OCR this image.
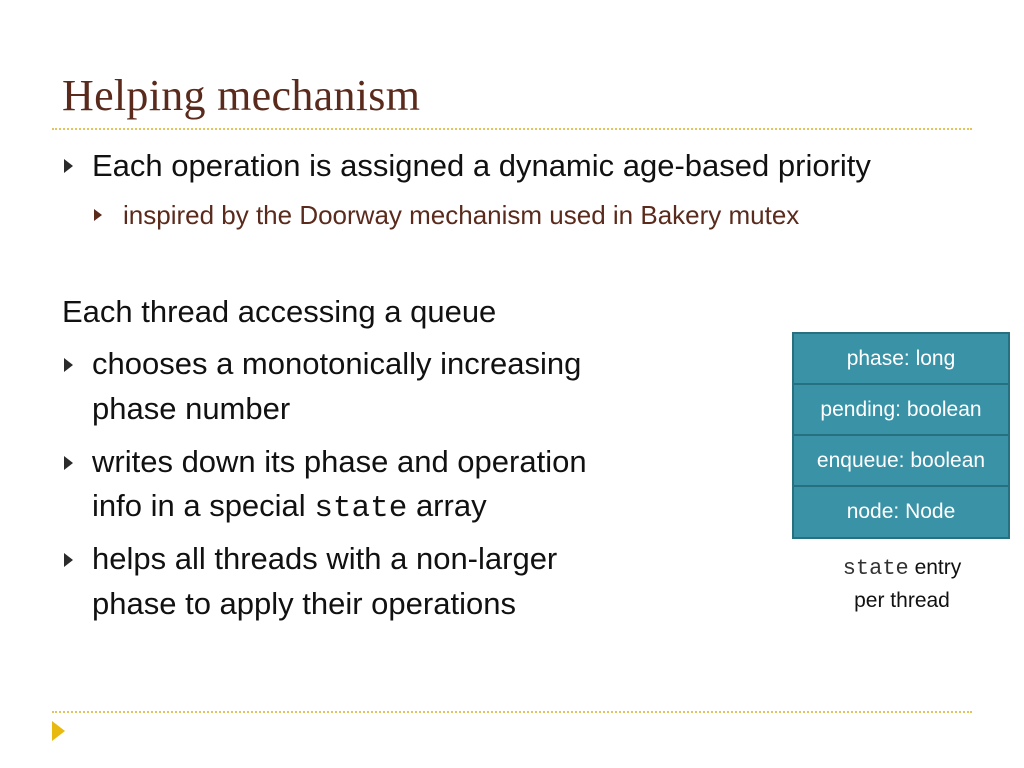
Helping mechanism
Each operation is assigned a dynamic age-based priority
inspired by the Doorway mechanism used in Bakery mutex
Each thread accessing a queue
chooses a monotonically increasing
phase number
writes down its phase and operation
info in a special state array
helps all threads with a non-larger
phase to apply their operations
phase: long
pending: boolean
enqueue: boolean
node: Node
state entry
per thread
